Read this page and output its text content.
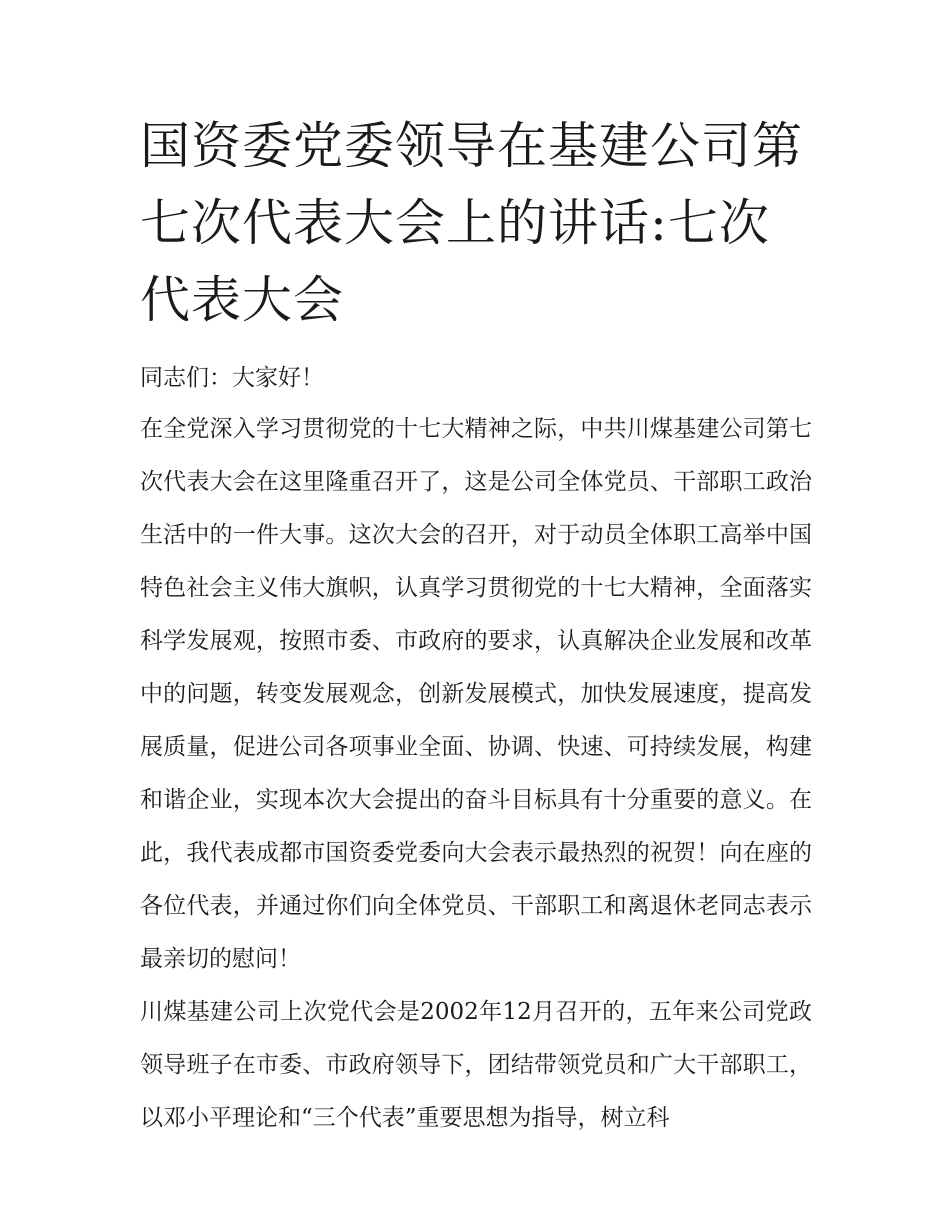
国资委党委领导在基建公司第七次代表大会上的讲话:七次代表大会

同志们：大家好！

在全党深入学习贯彻党的十七大精神之际，中共川煤基建公司第七次代表大会在这里隆重召开了，这是公司全体党员、干部职工政治生活中的一件大事。这次大会的召开，对于动员全体职工高举中国特色社会主义伟大旗帜，认真学习贯彻党的十七大精神，全面落实科学发展观，按照市委、市政府的要求，认真解决企业发展和改革中的问题，转变发展观念，创新发展模式，加快发展速度，提高发展质量，促进公司各项事业全面、协调、快速、可持续发展，构建和谐企业，实现本次大会提出的奋斗目标具有十分重要的意义。在此，我代表成都市国资委党委向大会表示最热烈的祝贺！向在座的各位代表，并通过你们向全体党员、干部职工和离退休老同志表示最亲切的慰问！

川煤基建公司上次党代会是2002年12月召开的，五年来公司党政领导班子在市委、市政府领导下，团结带领党员和广大干部职工，以邓小平理论和“三个代表”重要思想为指导，树立科
